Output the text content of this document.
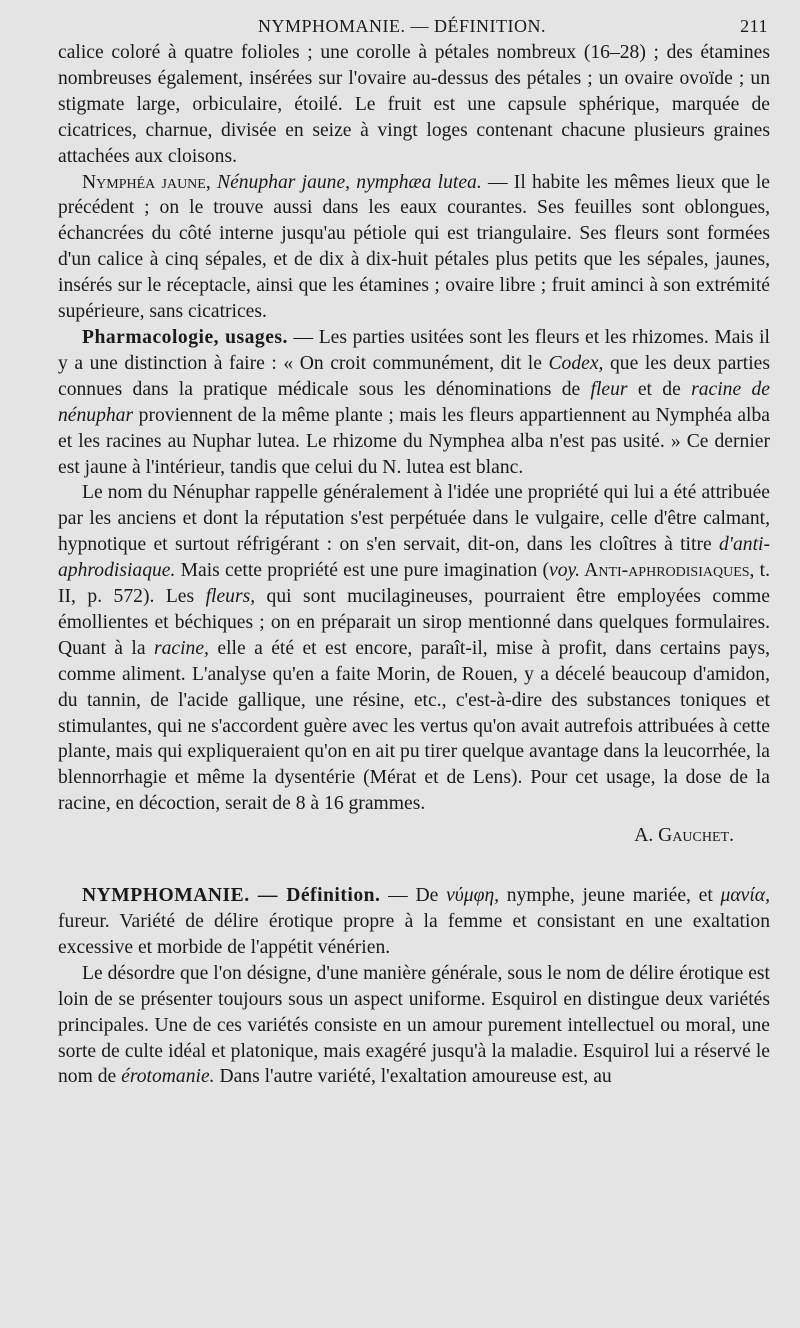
NYMPHOMANIE. — DÉFINITION.	211

calice coloré à quatre folioles ; une corolle à pétales nombreux (16–28) ; des étamines nombreuses également, insérées sur l'ovaire au-dessus des pétales ; un ovaire ovoïde ; un stigmate large, orbiculaire, étoilé. Le fruit est une capsule sphérique, marquée de cicatrices, charnue, divisée en seize à vingt loges contenant chacune plusieurs graines attachées aux cloisons.

Nymphéa jaune, Nénuphar jaune, nymphæa lutea. — Il habite les mêmes lieux que le précédent ; on le trouve aussi dans les eaux courantes. Ses feuilles sont oblongues, échancrées du côté interne jusqu'au pétiole qui est triangulaire. Ses fleurs sont formées d'un calice à cinq sépales, et de dix à dix-huit pétales plus petits que les sépales, jaunes, insérés sur le réceptacle, ainsi que les étamines ; ovaire libre ; fruit aminci à son extrémité supérieure, sans cicatrices.

Pharmacologie, usages. — Les parties usitées sont les fleurs et les rhizomes. Mais il y a une distinction à faire : « On croit communément, dit le Codex, que les deux parties connues dans la pratique médicale sous les dénominations de fleur et de racine de nénuphar proviennent de la même plante ; mais les fleurs appartiennent au Nymphéa alba et les racines au Nuphar lutea. Le rhizome du Nymphea alba n'est pas usité. » Ce dernier est jaune à l'intérieur, tandis que celui du N. lutea est blanc.

Le nom du Nénuphar rappelle généralement à l'idée une propriété qui lui a été attribuée par les anciens et dont la réputation s'est perpétuée dans le vulgaire, celle d'être calmant, hypnotique et surtout réfrigérant : on s'en servait, dit-on, dans les cloîtres à titre d'anti-aphrodisiaque. Mais cette propriété est une pure imagination (voy. Anti-aphrodisiaques, t. II, p. 572). Les fleurs, qui sont mucilagineuses, pourraient être employées comme émollientes et béchiques ; on en préparait un sirop mentionné dans quelques formulaires. Quant à la racine, elle a été et est encore, paraît-il, mise à profit, dans certains pays, comme aliment. L'analyse qu'en a faite Morin, de Rouen, y a décelé beaucoup d'amidon, du tannin, de l'acide gallique, une résine, etc., c'est-à-dire des substances toniques et stimulantes, qui ne s'accordent guère avec les vertus qu'on avait autrefois attribuées à cette plante, mais qui expliqueraient qu'on en ait pu tirer quelque avantage dans la leucorrhée, la blennorrhagie et même la dysentérie (Mérat et de Lens). Pour cet usage, la dose de la racine, en décoction, serait de 8 à 16 grammes.

A. Gauchet.

NYMPHOMANIE. — Définition. — De νύμφη, nymphe, jeune mariée, et μανία, fureur. Variété de délire érotique propre à la femme et consistant en une exaltation excessive et morbide de l'appétit vénérien.

Le désordre que l'on désigne, d'une manière générale, sous le nom de délire érotique est loin de se présenter toujours sous un aspect uniforme. Esquirol en distingue deux variétés principales. Une de ces variétés consiste en un amour purement intellectuel ou moral, une sorte de culte idéal et platonique, mais exagéré jusqu'à la maladie. Esquirol lui a réservé le nom de érotomanie. Dans l'autre variété, l'exaltation amoureuse est, au
